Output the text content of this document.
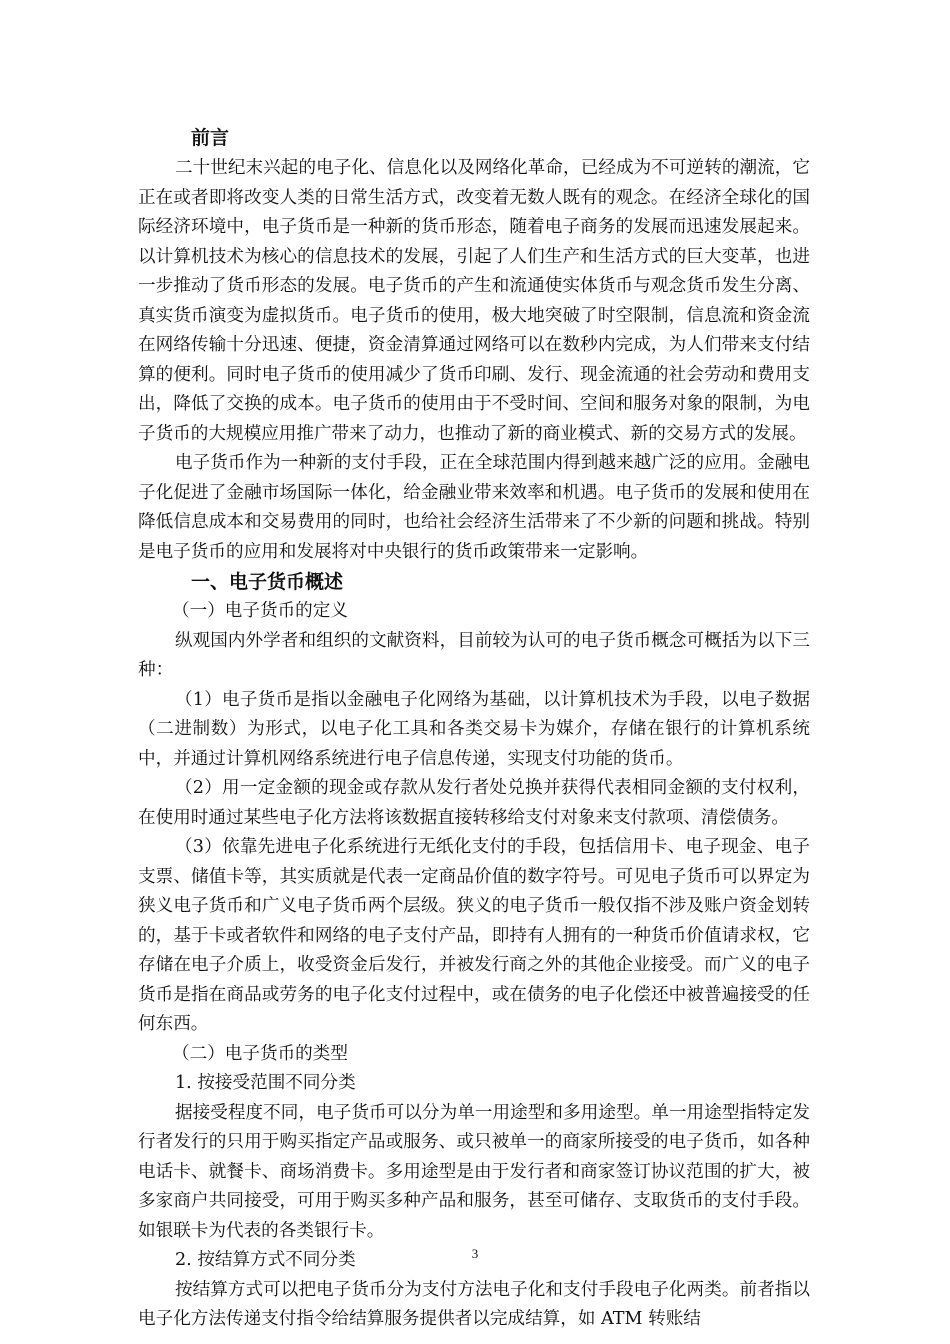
前言

二十世纪末兴起的电子化、信息化以及网络化革命，已经成为不可逆转的潮流，它正在或者即将改变人类的日常生活方式，改变着无数人既有的观念。在经济全球化的国际经济环境中，电子货币是一种新的货币形态，随着电子商务的发展而迅速发展起来。以计算机技术为核心的信息技术的发展，引起了人们生产和生活方式的巨大变革，也进一步推动了货币形态的发展。电子货币的产生和流通使实体货币与观念货币发生分离、真实货币演变为虚拟货币。电子货币的使用，极大地突破了时空限制，信息流和资金流在网络传输十分迅速、便捷，资金清算通过网络可以在数秒内完成，为人们带来支付结算的便利。同时电子货币的使用减少了货币印刷、发行、现金流通的社会劳动和费用支出，降低了交换的成本。电子货币的使用由于不受时间、空间和服务对象的限制，为电子货币的大规模应用推广带来了动力，也推动了新的商业模式、新的交易方式的发展。

电子货币作为一种新的支付手段，正在全球范围内得到越来越广泛的应用。金融电子化促进了金融市场国际一体化，给金融业带来效率和机遇。电子货币的发展和使用在降低信息成本和交易费用的同时，也给社会经济生活带来了不少新的问题和挑战。特别是电子货币的应用和发展将对中央银行的货币政策带来一定影响。

一、电子货币概述

（一）电子货币的定义

纵观国内外学者和组织的文献资料，目前较为认可的电子货币概念可概括为以下三种：

（1）电子货币是指以金融电子化网络为基础，以计算机技术为手段，以电子数据（二进制数）为形式，以电子化工具和各类交易卡为媒介，存储在银行的计算机系统中，并通过计算机网络系统进行电子信息传递，实现支付功能的货币。

（2）用一定金额的现金或存款从发行者处兑换并获得代表相同金额的支付权利，在使用时通过某些电子化方法将该数据直接转移给支付对象来支付款项、清偿债务。

（3）依靠先进电子化系统进行无纸化支付的手段，包括信用卡、电子现金、电子支票、储值卡等，其实质就是代表一定商品价值的数字符号。可见电子货币可以界定为狭义电子货币和广义电子货币两个层级。狭义的电子货币一般仅指不涉及账户资金划转的，基于卡或者软件和网络的电子支付产品，即持有人拥有的一种货币价值请求权，它存储在电子介质上，收受资金后发行，并被发行商之外的其他企业接受。而广义的电子货币是指在商品或劳务的电子化支付过程中，或在债务的电子化偿还中被普遍接受的任何东西。

（二）电子货币的类型

1. 按接受范围不同分类

据接受程度不同，电子货币可以分为单一用途型和多用途型。单一用途型指特定发行者发行的只用于购买指定产品或服务、或只被单一的商家所接受的电子货币，如各种电话卡、就餐卡、商场消费卡。多用途型是由于发行者和商家签订协议范围的扩大，被多家商户共同接受，可用于购买多种产品和服务，甚至可储存、支取货币的支付手段。如银联卡为代表的各类银行卡。

2. 按结算方式不同分类

按结算方式可以把电子货币分为支付方法电子化和支付手段电子化两类。前者指以电子化方法传递支付指令给结算服务提供者以完成结算，如 ATM 转账结

3
